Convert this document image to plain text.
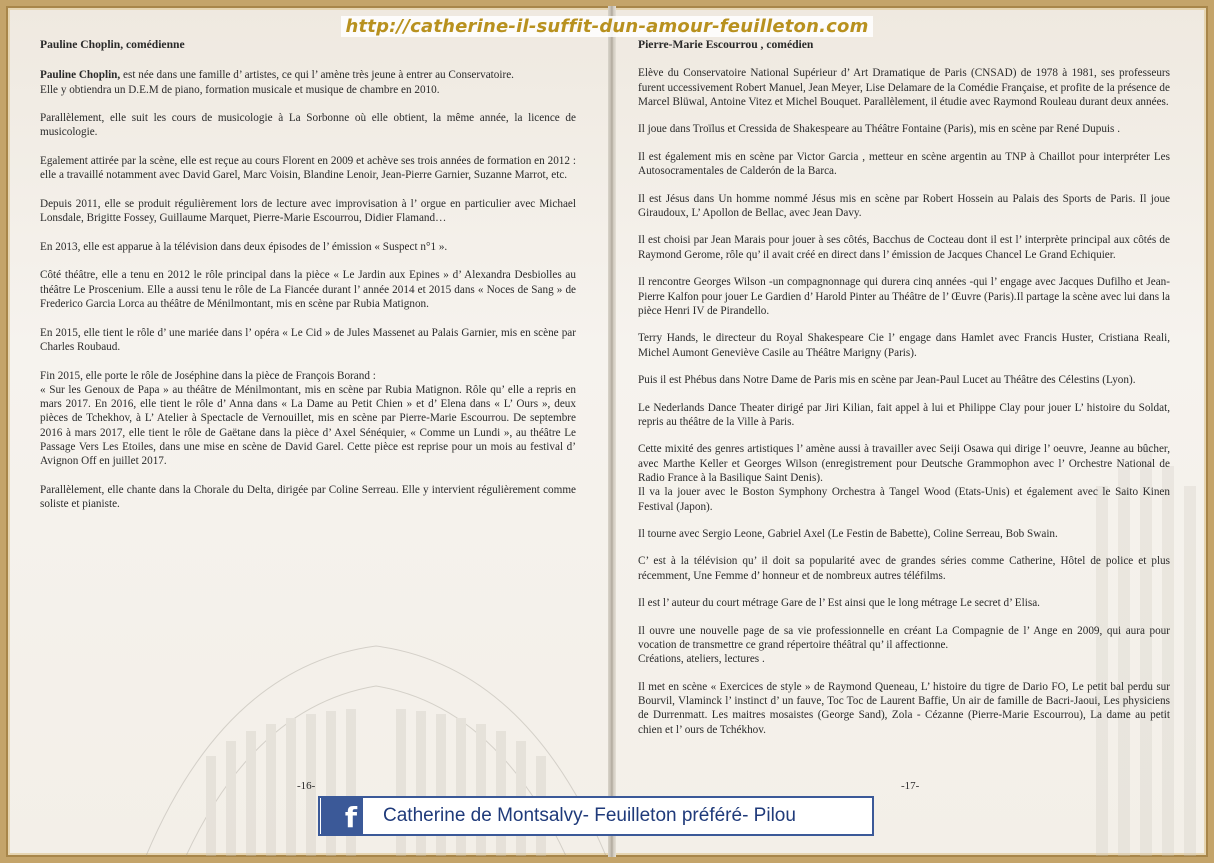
http://catherine-il-suffit-dun-amour-feuilleton.com
Pauline Choplin, comédienne

Pauline Choplin, est née dans une famille d’ artistes, ce qui l’ amène très jeune à entrer au Conservatoire.
Elle y obtiendra un D.E.M de piano, formation musicale et musique de chambre en 2010.

Parallèlement, elle suit les cours de musicologie à La Sorbonne où elle obtient, la même année, la licence de musicologie.

Egalement attirée par la scène, elle est reçue au cours Florent en 2009 et achève ses trois années de formation en 2012 : elle a travaillé notamment avec David Garel, Marc Voisin, Blandine Lenoir, Jean-Pierre Garnier, Suzanne Marrot, etc.

Depuis 2011, elle se produit régulièrement lors de lecture avec improvisation à l’ orgue en particulier avec Michael Lonsdale, Brigitte Fossey, Guillaume Marquet, Pierre-Marie Escourrou, Didier Flamand…

En 2013, elle est apparue à la télévision dans deux épisodes de l’ émission « Suspect n°1 ».

Côté théâtre, elle a tenu en 2012 le rôle principal dans la pièce « Le Jardin aux Epines » d’ Alexandra Desbiolles au théâtre Le Proscenium. Elle a aussi tenu le rôle de La Fiancée durant l’ année 2014 et 2015 dans « Noces de Sang » de Frederico Garcia Lorca au théâtre de Ménilmontant, mis en scène par Rubia Matignon.

En 2015, elle tient le rôle d’ une mariée dans l’ opéra « Le Cid » de Jules Massenet au Palais Garnier, mis en scène par Charles Roubaud.

Fin 2015, elle porte le rôle de Joséphine dans la pièce de François Borand :
« Sur les Genoux de Papa » au théâtre de Ménilmontant, mis en scène par Rubia Matignon. Rôle qu’ elle a repris en mars 2017. En 2016, elle tient le rôle d’ Anna dans « La Dame au Petit Chien » et d’ Elena dans « L’ Ours », deux pièces de Tchekhov, à L’ Atelier à Spectacle de Vernouillet, mis en scène par Pierre-Marie Escourrou. De septembre 2016 à mars 2017, elle tient le rôle de Gaëtane dans la pièce d’ Axel Sénéquier, « Comme un Lundi », au théâtre Le Passage Vers Les Etoiles, dans une mise en scène de David Garel. Cette pièce est reprise pour un mois au festival d’ Avignon Off en juillet 2017.

Parallèlement, elle chante dans la Chorale du Delta, dirigée par Coline Serreau. Elle y intervient régulièrement comme soliste et pianiste.

-16-
Pierre-Marie Escourrou , comédien

Elève du Conservatoire National Supérieur d’ Art Dramatique de Paris (CNSAD) de 1978 à 1981, ses professeurs furent uccessivement Robert Manuel, Jean Meyer, Lise Delamare de la Comédie Française, et profite de la présence de Marcel Blüwal, Antoine Vitez et Michel Bouquet. Parallèlement, il étudie avec Raymond Rouleau durant deux années.

Il joue dans Troïlus et Cressida de Shakespeare au Théâtre Fontaine (Paris), mis en scène par René Dupuis .

Il est également mis en scène par Victor Garcia , metteur en scène argentin au TNP à Chaillot pour interpréter Les Autosocramentales de Calderón de la Barca.

Il est Jésus dans Un homme nommé Jésus mis en scène par Robert Hossein au Palais des Sports de Paris. Il joue Giraudoux, L’ Apollon de Bellac, avec Jean Davy.

Il est choisi par Jean Marais pour jouer à ses côtés, Bacchus de Cocteau dont il est l’ interprète principal aux côtés de Raymond Gerome, rôle qu’ il avait créé en direct dans l’ émission de Jacques Chancel Le Grand Echiquier.

Il rencontre Georges Wilson -un compagnonnage qui durera cinq années -qui l’ engage avec Jacques Dufilho et Jean-Pierre Kalfon pour jouer Le Gardien d’ Harold Pinter au Théâtre de l’ Œuvre (Paris).Il partage la scène avec lui dans la pièce Henri IV de Pirandello.

Terry Hands, le directeur du Royal Shakespeare Cie l’ engage dans Hamlet avec Francis Huster, Cristiana Reali, Michel Aumont Geneviève Casile au Théâtre Marigny (Paris).

Puis il est Phébus dans Notre Dame de Paris mis en scène par Jean-Paul Lucet au Théâtre des Célestins (Lyon).

Le Nederlands Dance Theater dirigé par Jiri Kilian, fait appel à lui et Philippe Clay pour jouer L’ histoire du Soldat, repris au théâtre de la Ville à Paris.

Cette mixité des genres artistiques l’ amène aussi à travailler avec Seiji Osawa qui dirige l’ oeuvre, Jeanne au bûcher, avec Marthe Keller et Georges Wilson (enregistrement pour Deutsche Grammophon avec l’ Orchestre National de Radio France à la Basilique Saint Denis).
Il va la jouer avec le Boston Symphony Orchestra à Tangel Wood (Etats-Unis) et également avec le Saito Kinen Festival (Japon).

Il tourne avec Sergio Leone, Gabriel Axel (Le Festin de Babette), Coline Serreau, Bob Swain.

C’ est à la télévision qu’ il doit sa popularité avec de grandes séries comme Catherine, Hôtel de police et plus récemment, Une Femme d’ honneur et de nombreux autres téléfilms.

Il est l’ auteur du court métrage Gare de l’ Est ainsi que le long métrage Le secret d’ Elisa.

Il ouvre une nouvelle page de sa vie professionnelle en créant La Compagnie de l’ Ange en 2009, qui aura pour vocation de transmettre ce grand répertoire théâtral qu’ il affectionne.
Créations, ateliers, lectures .

Il met en scène « Exercices de style » de Raymond Queneau, L’ histoire du tigre de Dario FO, Le petit bal perdu sur Bourvil, Vlaminck l’ instinct d’ un fauve, Toc Toc de Laurent Baffie, Un air de famille de Bacri-Jaoui, Les physiciens de Durrenmatt. Les maitres mosaistes (George Sand), Zola - Cézanne (Pierre-Marie Escourrou), La dame au petit chien et l’ ours de Tchékhov.

-17-
f	Catherine de Montsalvy- Feuilleton préféré- Pilou
